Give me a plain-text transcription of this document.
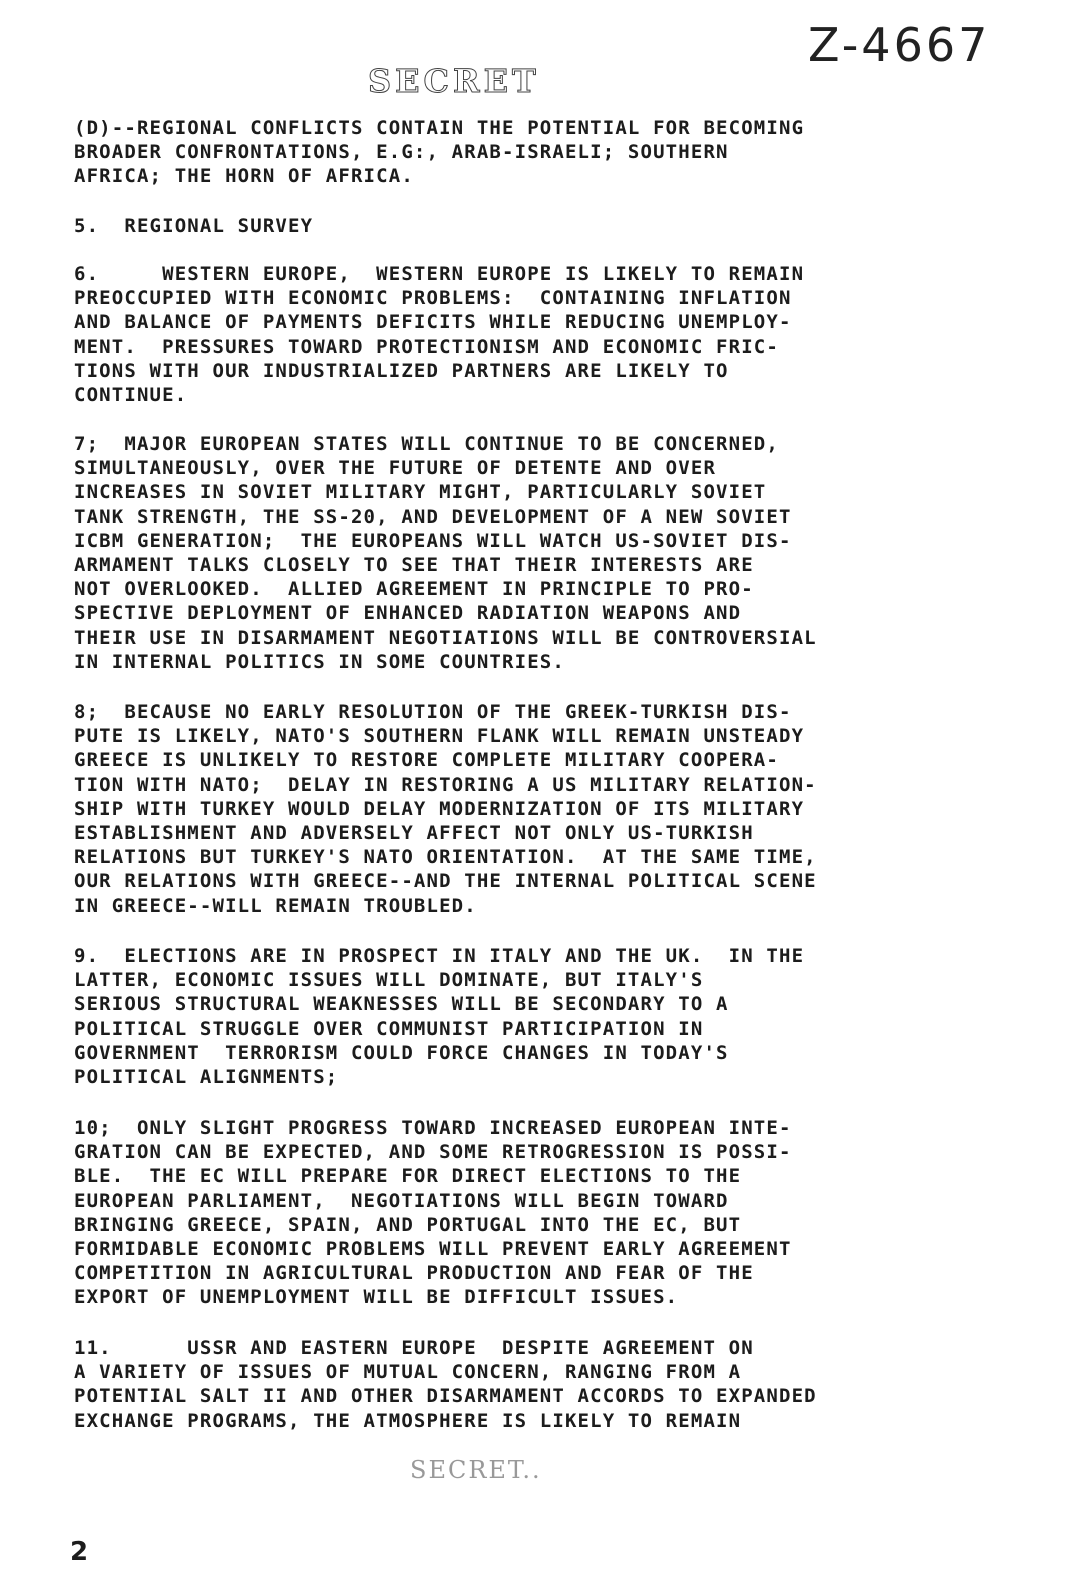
Z-4667
SECRET
(D)--REGIONAL CONFLICTS CONTAIN THE POTENTIAL FOR BECOMING
BROADER CONFRONTATIONS, E.G:, ARAB-ISRAELI; SOUTHERN
AFRICA; THE HORN OF AFRICA.
5.  REGIONAL SURVEY
6.     WESTERN EUROPE,  WESTERN EUROPE IS LIKELY TO REMAIN
PREOCCUPIED WITH ECONOMIC PROBLEMS:  CONTAINING INFLATION
AND BALANCE OF PAYMENTS DEFICITS WHILE REDUCING UNEMPLOY-
MENT.  PRESSURES TOWARD PROTECTIONISM AND ECONOMIC FRIC-
TIONS WITH OUR INDUSTRIALIZED PARTNERS ARE LIKELY TO
CONTINUE.
7;  MAJOR EUROPEAN STATES WILL CONTINUE TO BE CONCERNED,
SIMULTANEOUSLY, OVER THE FUTURE OF DETENTE AND OVER
INCREASES IN SOVIET MILITARY MIGHT, PARTICULARLY SOVIET
TANK STRENGTH, THE SS-20, AND DEVELOPMENT OF A NEW SOVIET
ICBM GENERATION;  THE EUROPEANS WILL WATCH US-SOVIET DIS-
ARMAMENT TALKS CLOSELY TO SEE THAT THEIR INTERESTS ARE
NOT OVERLOOKED.  ALLIED AGREEMENT IN PRINCIPLE TO PRO-
SPECTIVE DEPLOYMENT OF ENHANCED RADIATION WEAPONS AND
THEIR USE IN DISARMAMENT NEGOTIATIONS WILL BE CONTROVERSIAL
IN INTERNAL POLITICS IN SOME COUNTRIES.
8;  BECAUSE NO EARLY RESOLUTION OF THE GREEK-TURKISH DIS-
PUTE IS LIKELY, NATO'S SOUTHERN FLANK WILL REMAIN UNSTEADY
GREECE IS UNLIKELY TO RESTORE COMPLETE MILITARY COOPERA-
TION WITH NATO;  DELAY IN RESTORING A US MILITARY RELATION-
SHIP WITH TURKEY WOULD DELAY MODERNIZATION OF ITS MILITARY
ESTABLISHMENT AND ADVERSELY AFFECT NOT ONLY US-TURKISH
RELATIONS BUT TURKEY'S NATO ORIENTATION.  AT THE SAME TIME,
OUR RELATIONS WITH GREECE--AND THE INTERNAL POLITICAL SCENE
IN GREECE--WILL REMAIN TROUBLED.
9.  ELECTIONS ARE IN PROSPECT IN ITALY AND THE UK.  IN THE
LATTER, ECONOMIC ISSUES WILL DOMINATE, BUT ITALY'S
SERIOUS STRUCTURAL WEAKNESSES WILL BE SECONDARY TO A
POLITICAL STRUGGLE OVER COMMUNIST PARTICIPATION IN
GOVERNMENT  TERRORISM COULD FORCE CHANGES IN TODAY'S
POLITICAL ALIGNMENTS;
10;  ONLY SLIGHT PROGRESS TOWARD INCREASED EUROPEAN INTE-
GRATION CAN BE EXPECTED, AND SOME RETROGRESSION IS POSSI-
BLE.  THE EC WILL PREPARE FOR DIRECT ELECTIONS TO THE
EUROPEAN PARLIAMENT,  NEGOTIATIONS WILL BEGIN TOWARD
BRINGING GREECE, SPAIN, AND PORTUGAL INTO THE EC, BUT
FORMIDABLE ECONOMIC PROBLEMS WILL PREVENT EARLY AGREEMENT
COMPETITION IN AGRICULTURAL PRODUCTION AND FEAR OF THE
EXPORT OF UNEMPLOYMENT WILL BE DIFFICULT ISSUES.
11.      USSR AND EASTERN EUROPE  DESPITE AGREEMENT ON
A VARIETY OF ISSUES OF MUTUAL CONCERN, RANGING FROM A
POTENTIAL SALT II AND OTHER DISARMAMENT ACCORDS TO EXPANDED
EXCHANGE PROGRAMS, THE ATMOSPHERE IS LIKELY TO REMAIN
SECRET..
2
